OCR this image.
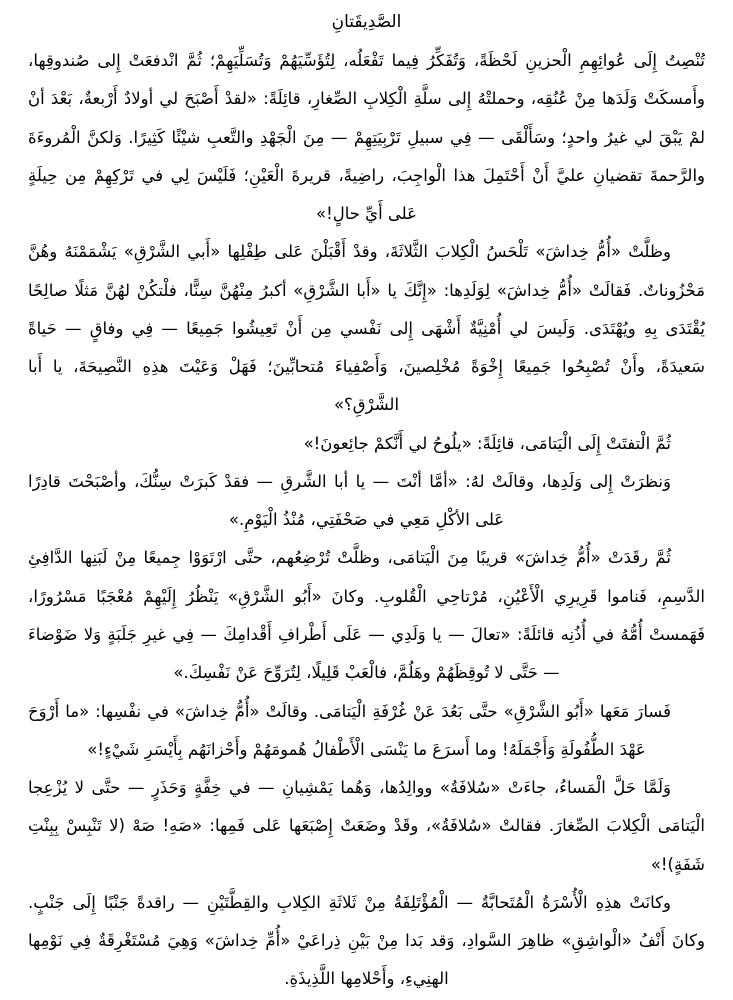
الصَّدِيقَتانِ

تُنْصِتُ إِلَى عُوائِهِمِ الْحزينِ لَحْظَةً، وَتُفَكِّرُ فِيما تَفْعَلُه، لِتُؤَسِّيَهُمْ وَتُسَلِّيَهِمْ؛ ثُمَّ انْدفعَتْ إِلى صُندوقِها، وأَمسكَتْ وَلَدَها مِنْ عُنُقِه، وحملتْهُ إِلى سلَّةِ الْكِلابِ الصِّغارِ، قائِلَةً: «لقدْ أَصْبَحَ لي أولادٌ أَرْبعةٌ، بَعْدَ أنْ لمْ يَبْقَ لي غيرُ واحدٍ؛ وسَأَلْقَى — فِي سبيلِ تَرْبِيَتِهِمْ — مِنَ الْجَهْدِ والتَّعبِ شيْئًا كَثِيرًا. وَلكنَّ الْمُروءَةَ والرَّحمةَ تقضيانِ عليَّ أَنْ أَحْتَمِلَ هذا الْواجِبَ، راضِيةً، قريرةَ الْعَيْنِ؛ فَلَيْسَ لِي في تَرْكِهِمْ مِن حِيلَةٍ عَلى أَيِّ حالٍ!»

وظلَّتْ «أُمُّ خِداشَ» تَلْحَسُ الْكِلابَ الثَّلاثَةَ، وقدْ أَقْبَلْنَ عَلى طِفْلِها «أَبي الشَّرْقِ» يَشْمَمْنَهُ وهُنَّ مَحْزُوناتٌ. فَقالَتْ «أُمُّ خِداشَ» لِوَلَدِها: «إِنَّكَ يا «أَبا الشَّرْقِ» أكبرُ مِنْهُنَّ سِنًّا، فلْتكُنْ لهُنَّ مَثلًا صالِحًا يُقْتَدَى بِهِ ويُهْتَدَى. وَلَيسَ لي أُمْنِيَّةٌ أَشْهَى إِلى نَفْسي مِن أَنْ تَعِيشُوا جَمِيعًا — فِي وفاقٍ — حَياةً سَعيدَةً، وأَنْ تُصْبِحُوا جَمِيعًا إِخْوَةً مُخْلِصينَ، وَأَصْفِياءَ مُتحابِّينَ؛ فَهَلْ وَعَيْتَ هذِهِ النَّصِيحَةَ، يا أَبا الشَّرْقِ؟»

ثُمَّ الْتفتَتْ إِلَى الْيَتامَى، قائِلَةً: «يلُوحُ لي أَنَّكمْ جائِعونَ!»

وَنظرَتْ إِلى وَلَدِها، وقالَتْ لهُ: «أمَّا أنْتَ — يا أبا الشَّرقِ — فقدْ كَبرَتْ سِنُّكَ، وأصْبَحْتَ قادِرًا عَلى الأكْلِ مَعِي في صَحْفَتِي، مُنْذُ الْيَوْمِ.»

ثُمَّ رقَدَتْ «أُمُّ خِداشَ» قريبًا مِنَ الْيَتامَى، وظلَّتْ تُرْضِعُهم، حتَّى ارْتَوَوْا جِميعًا مِنْ لَبَنِها الدَّافِئِ الدَّسِمِ، فَناموا قَرِيرِي الْأَعْيُنِ، مُرْتاحِي الْقُلوبِ. وكانَ «أَبُو الشَّرْقِ» يَنْظُرُ إِلَيْهِمْ مُعْجَبًا مَسْرُورًا، فَهَمستْ أُمُّهُ في أُذُنِه قائلَةً: «تعالَ — يا وَلَدِي — عَلَى أَطْرافِ أَقْدامِكَ — فِي غيرِ جَلَبَةٍ وَلا ضَوْضاءَ — حَتَّى لا تُوقِظَهُمْ وهَلُمَّ، فالْعَبْ قَلِيلًا، لِتُرَوِّحَ عَنْ نَفْسِكَ.»

فَسارَ مَعَها «أَبُو الشَّرْقِ» حتَّى بَعُدَ عَنْ غُرْفَةِ الْيَتامَى. وقالَتْ «أُمُّ خِداشَ» في نفْسِها: «ما أَرْوَحَ عَهْدَ الطُّفُولَةِ وَأَجْمَلَهُ! وما أَسرَعَ ما يَنْسَى الْأَطْفالُ هُمومَهُمْ وأَحْزانَهُم بِأَيْسَرِ شَيْءٍ!»

وَلَمَّا حَلَّ الْمَساءُ، جاءَتْ «سُلافَةُ» ووالِدُها، وَهُما يَمْشِيانِ — في خِفَّةٍ وَحَذَرٍ — حتَّى لا يُزْعِجا الْيَتامَى الْكِلابَ الصِّغارَ. فقالتْ «سُلافَةُ»، وقَدْ وضَعَتْ إِصْبَعَها عَلى فَمِها: «صَهِ! صَهْ (لا تَنْبِسْ بِبِنْتِ شَفَةٍ)!»

وكانَتْ هذِهِ الْأُسْرَةُ الْمُتَحابَّةُ — الْمُؤْتَلِفَةُ مِنْ ثَلاثَةِ الكِلابِ والقِطَّتَيْنِ — راقدةً جَنْبًا إِلَى جَنْبٍ. وكانَ أَنْفُ «الْواشِقِ» ظاهِرَ السَّوادِ، وَقد بَدا مِنْ بَيْنِ ذِراعَيْ «أُمِّ خِداشَ» وَهِيَ مُسْتَغْرِقَةٌ فِي نَوْمِها الهنِيءِ، وأَحْلامِها اللَّذِيذَةِ.
